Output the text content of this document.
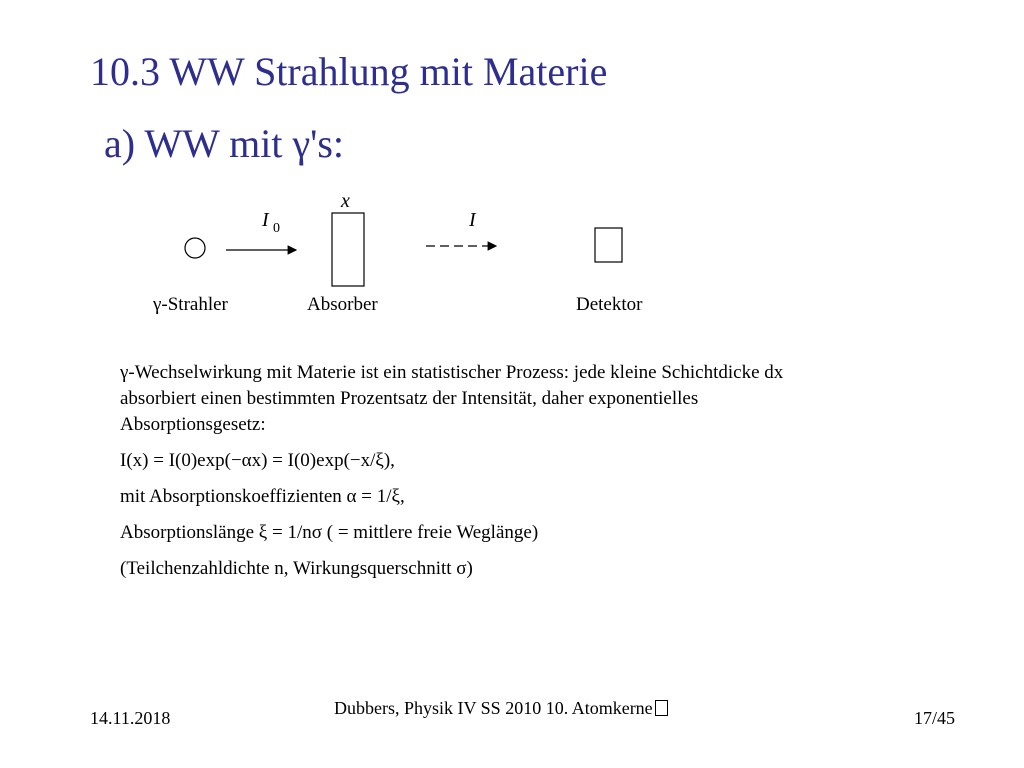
10.3 WW Strahlung mit Materie
a) WW mit γ's:
I 0
x
I
γ-Strahler	Absorber	Detektor

γ-Wechselwirkung mit Materie ist ein statistischer Prozess: jede kleine Schichtdicke dx absorbiert einen bestimmten Prozentsatz der Intensität, daher exponentielles Absorptionsgesetz:

I(x) = I(0)exp(−αx) = I(0)exp(−x/ξ),

mit Absorptionskoeffizienten α = 1/ξ,

Absorptionslänge ξ = 1/nσ ( = mittlere freie Weglänge)

(Teilchenzahldichte n, Wirkungsquerschnitt σ)

14.11.2018	Dubbers, Physik IV SS 2010 10. Atomkerne	17/45
